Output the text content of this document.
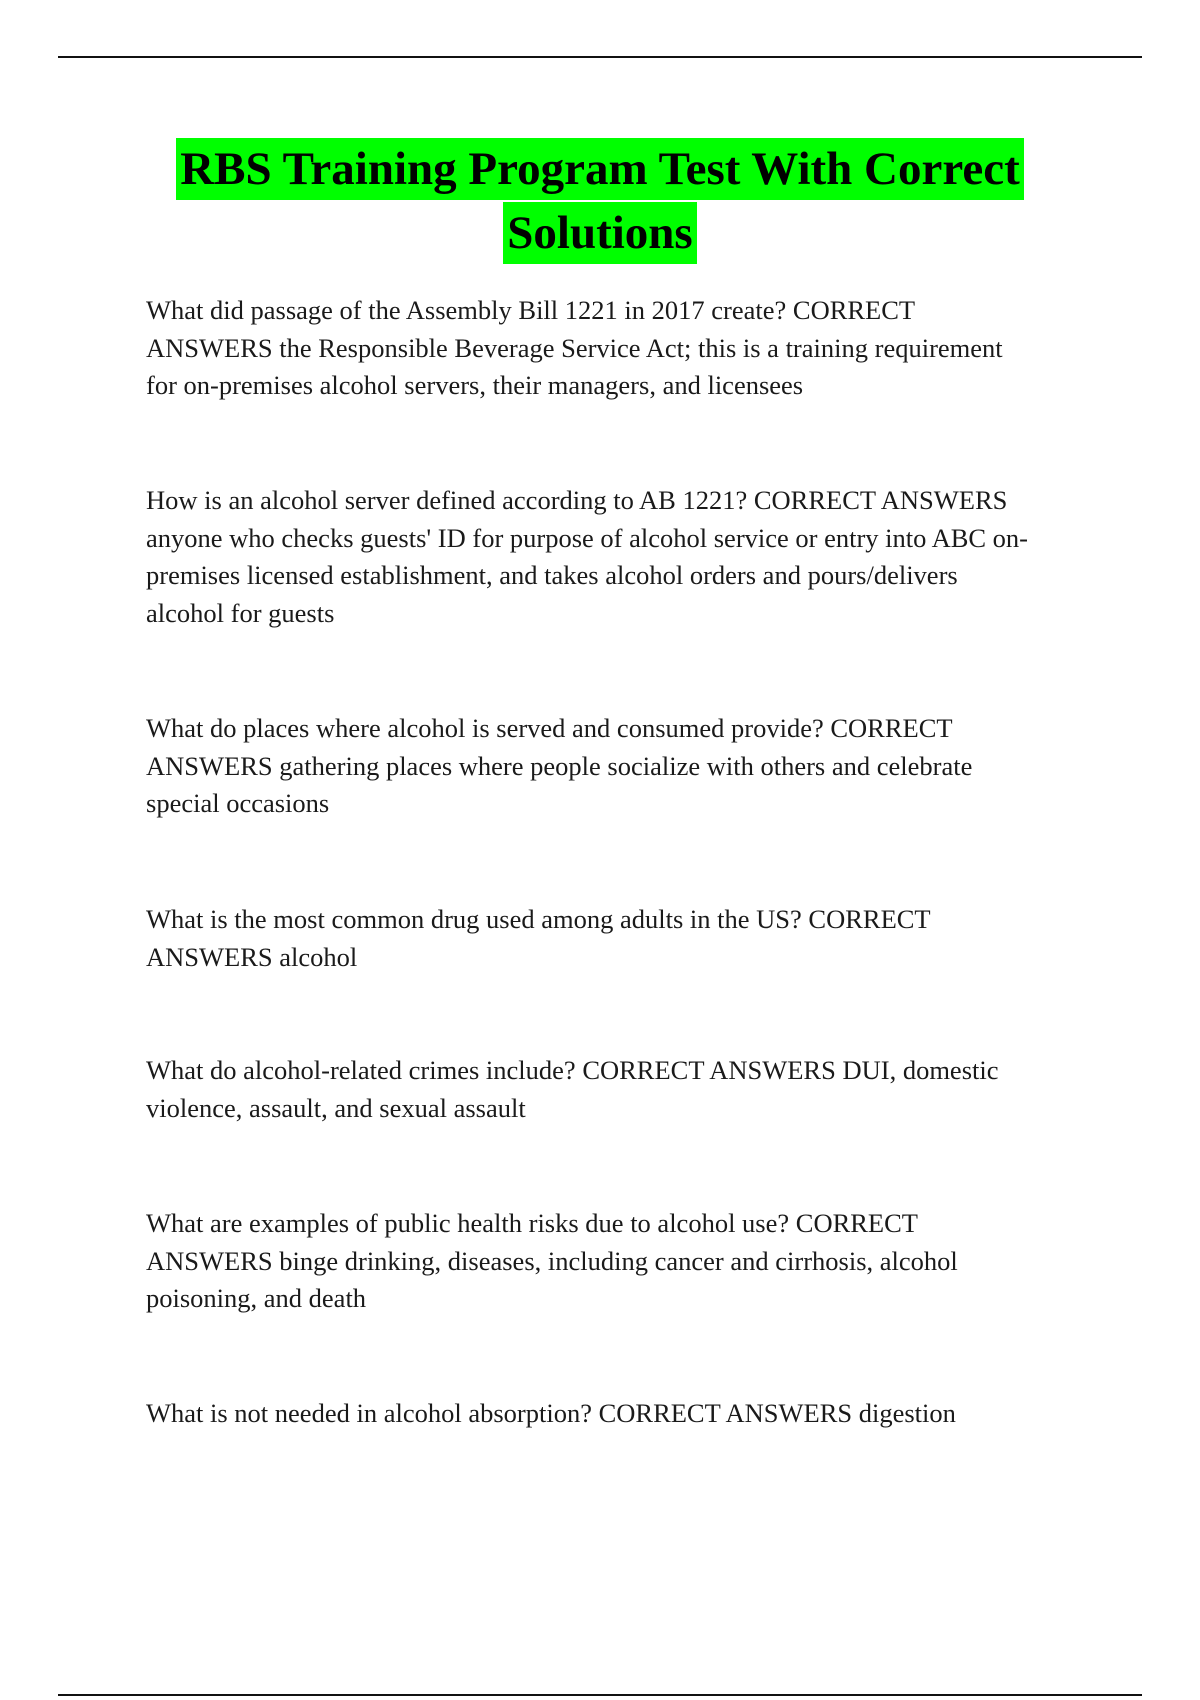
RBS Training Program Test With Correct
Solutions

What did passage of the Assembly Bill 1221 in 2017 create? CORRECT
ANSWERS the Responsible Beverage Service Act; this is a training requirement
for on-premises alcohol servers, their managers, and licensees

How is an alcohol server defined according to AB 1221? CORRECT ANSWERS
anyone who checks guests' ID for purpose of alcohol service or entry into ABC on-
premises licensed establishment, and takes alcohol orders and pours/delivers
alcohol for guests

What do places where alcohol is served and consumed provide? CORRECT
ANSWERS gathering places where people socialize with others and celebrate
special occasions

What is the most common drug used among adults in the US? CORRECT
ANSWERS alcohol

What do alcohol-related crimes include? CORRECT ANSWERS DUI, domestic
violence, assault, and sexual assault

What are examples of public health risks due to alcohol use? CORRECT
ANSWERS binge drinking, diseases, including cancer and cirrhosis, alcohol
poisoning, and death

What is not needed in alcohol absorption? CORRECT ANSWERS digestion
